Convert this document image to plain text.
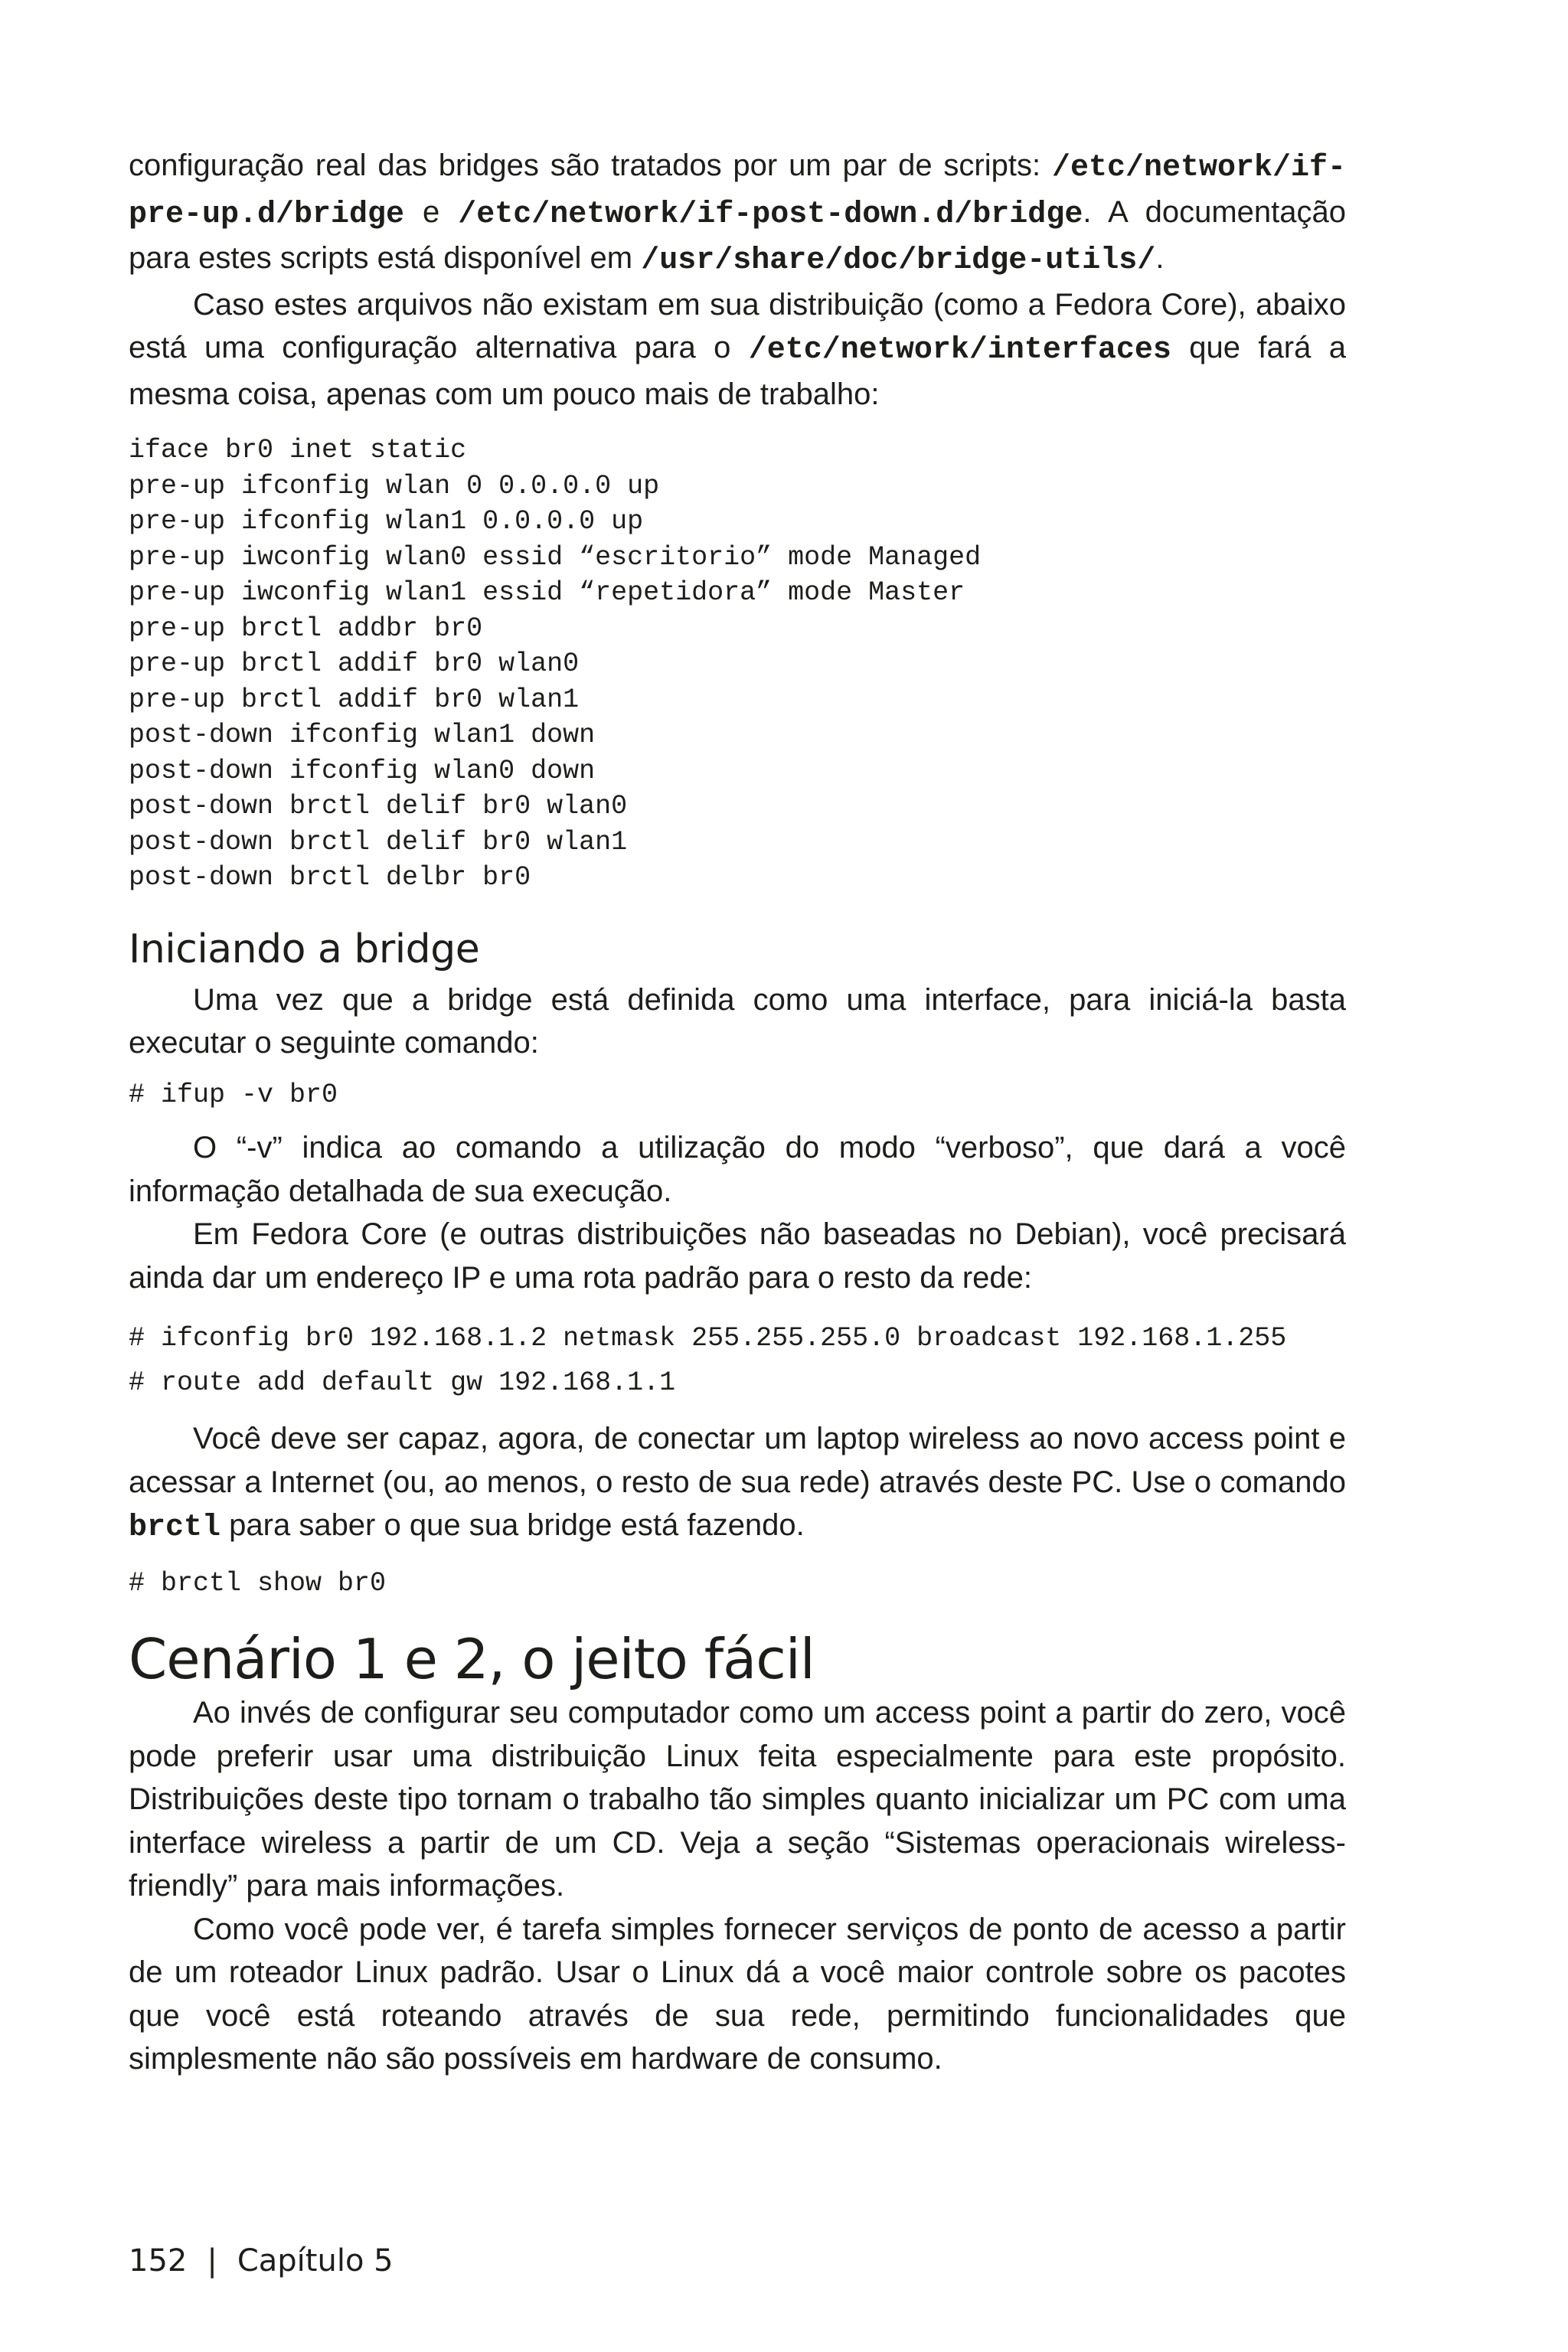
configuração real das bridges são tratados por um par de scripts: /etc/network/if-pre-up.d/bridge e /etc/network/if-post-down.d/bridge. A documentação para estes scripts está disponível em /usr/share/doc/bridge-utils/.

Caso estes arquivos não existam em sua distribuição (como a Fedora Core), abaixo está uma configuração alternativa para o /etc/network/interfaces que fará a mesma coisa, apenas com um pouco mais de trabalho:

iface br0 inet static
pre-up ifconfig wlan 0 0.0.0.0 up
pre-up ifconfig wlan1 0.0.0.0 up
pre-up iwconfig wlan0 essid “escritorio” mode Managed
pre-up iwconfig wlan1 essid “repetidora” mode Master
pre-up brctl addbr br0
pre-up brctl addif br0 wlan0
pre-up brctl addif br0 wlan1
post-down ifconfig wlan1 down
post-down ifconfig wlan0 down
post-down brctl delif br0 wlan0
post-down brctl delif br0 wlan1
post-down brctl delbr br0
Iniciando a bridge

Uma vez que a bridge está definida como uma interface, para iniciá-la basta executar o seguinte comando:

# ifup -v br0

O “-v” indica ao comando a utilização do modo “verboso”, que dará a você informação detalhada de sua execução.

Em Fedora Core (e outras distribuições não baseadas no Debian), você precisará ainda dar um endereço IP e uma rota padrão para o resto da rede:

# ifconfig br0 192.168.1.2 netmask 255.255.255.0 broadcast 192.168.1.255
# route add default gw 192.168.1.1

Você deve ser capaz, agora, de conectar um laptop wireless ao novo access point e acessar a Internet (ou, ao menos, o resto de sua rede) através deste PC. Use o comando brctl para saber o que sua bridge está fazendo.

# brctl show br0
Cenário 1 e 2, o jeito fácil

Ao invés de configurar seu computador como um access point a partir do zero, você pode preferir usar uma distribuição Linux feita especialmente para este propósito. Distribuições deste tipo tornam o trabalho tão simples quanto inicializar um PC com uma interface wireless a partir de um CD. Veja a seção “Sistemas operacionais wireless-friendly” para mais informações.

Como você pode ver, é tarefa simples fornecer serviços de ponto de acesso a partir de um roteador Linux padrão. Usar o Linux dá a você maior controle sobre os pacotes que você está roteando através de sua rede, permitindo funcionalidades que simplesmente não são possíveis em hardware de consumo.

152 | Capítulo 5
